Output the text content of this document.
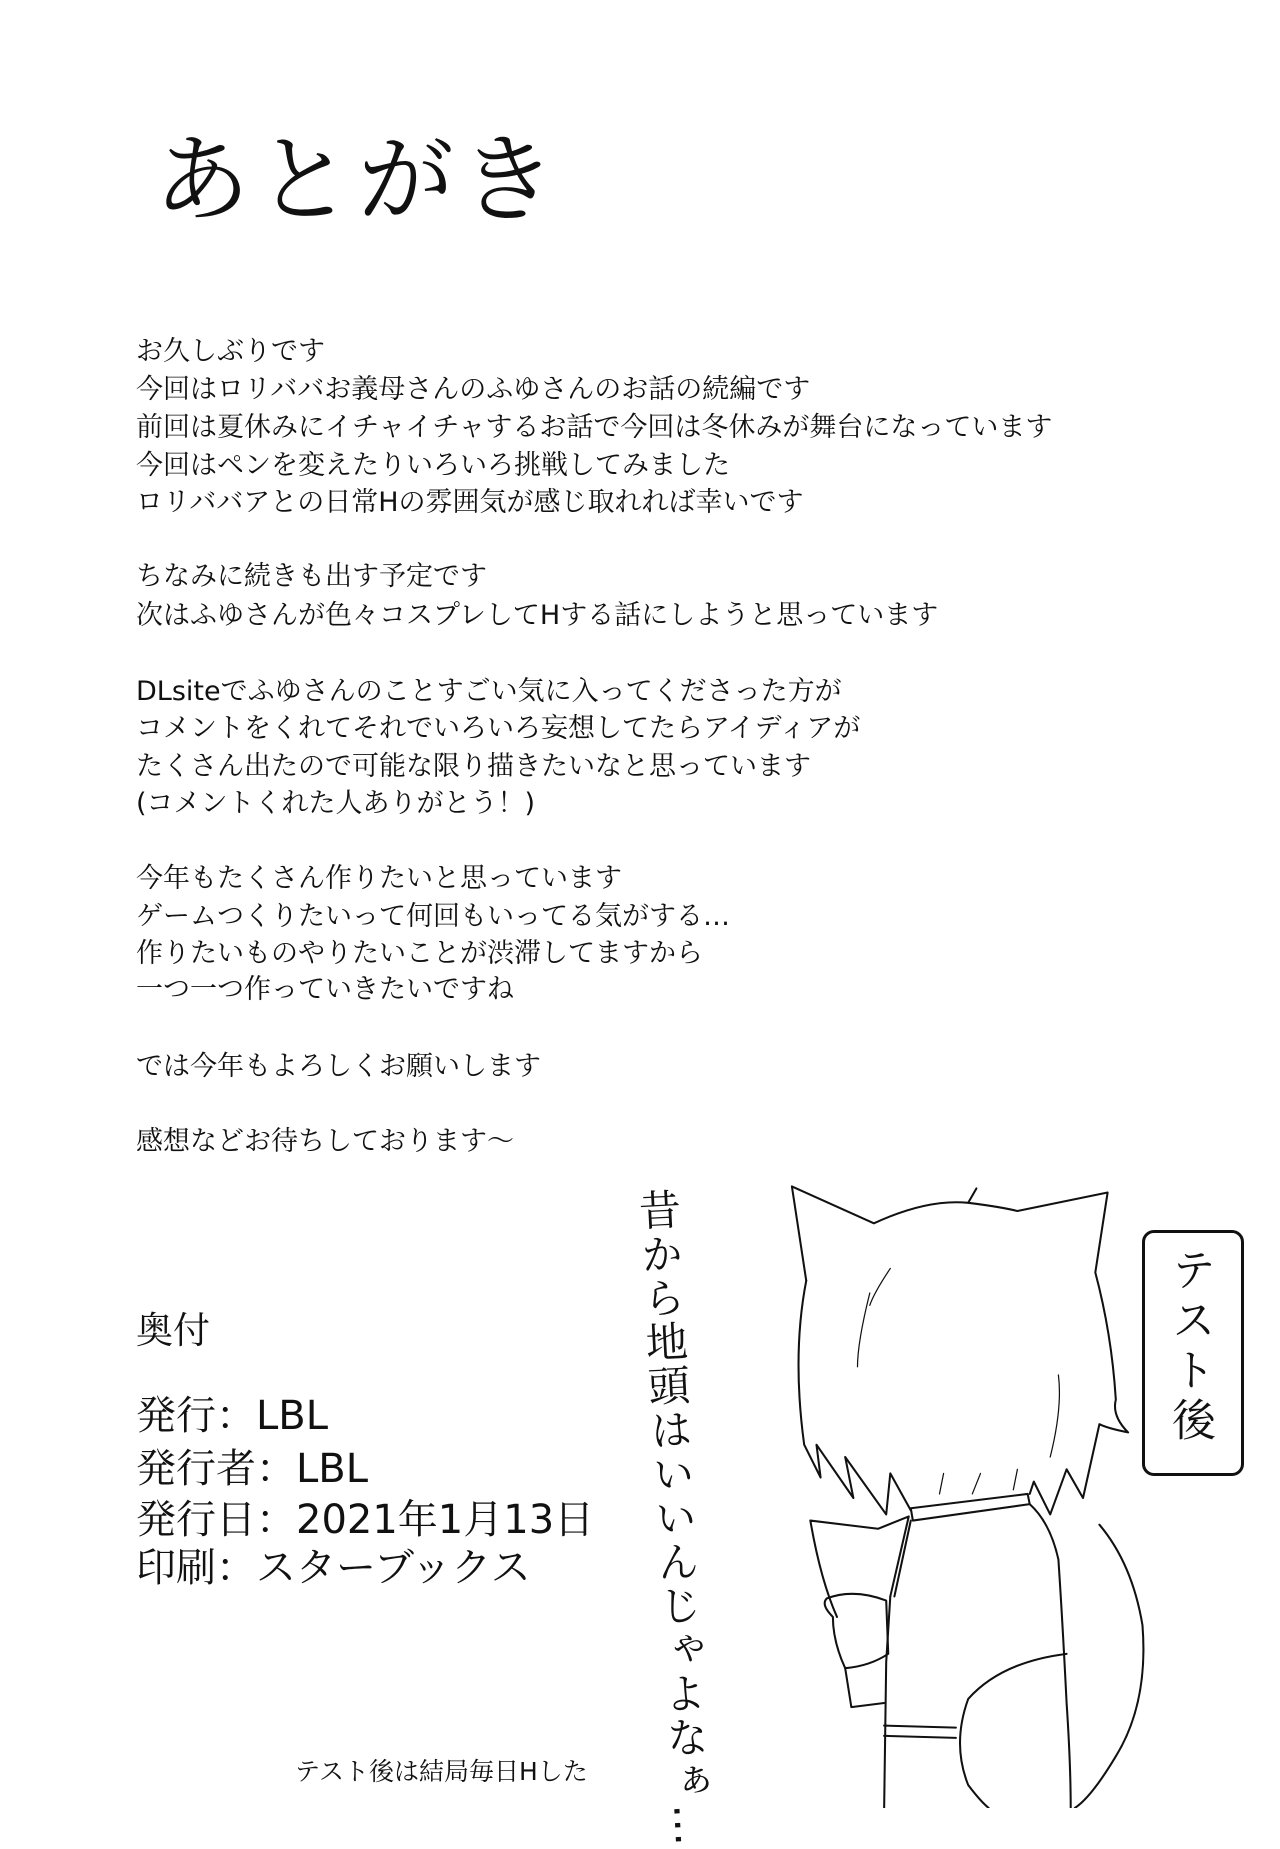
あとがき
お久しぶりです
今回はロリババお義母さんのふゆさんのお話の続編です
前回は夏休みにイチャイチャするお話で今回は冬休みが舞台になっています
今回はペンを変えたりいろいろ挑戦してみました
ロリババアとの日常Hの雰囲気が感じ取れれば幸いです
ちなみに続きも出す予定です
次はふゆさんが色々コスプレしてHする話にしようと思っています
DLsiteでふゆさんのことすごい気に入ってくださった方が
コメントをくれてそれでいろいろ妄想してたらアイディアが
たくさん出たので可能な限り描きたいなと思っています
(コメントくれた人ありがとう！)
今年もたくさん作りたいと思っています
ゲームつくりたいって何回もいってる気がする…
作りたいものやりたいことが渋滞してますから
一つ一つ作っていきたいですね
では今年もよろしくお願いします
感想などお待ちしております～
奥付
発行：LBL
発行者：LBL
発行日：2021年1月13日
印刷：スターブックス 昔から地頭はいいんじゃよなぁ…	テスト後
テスト後は結局毎日Hした
